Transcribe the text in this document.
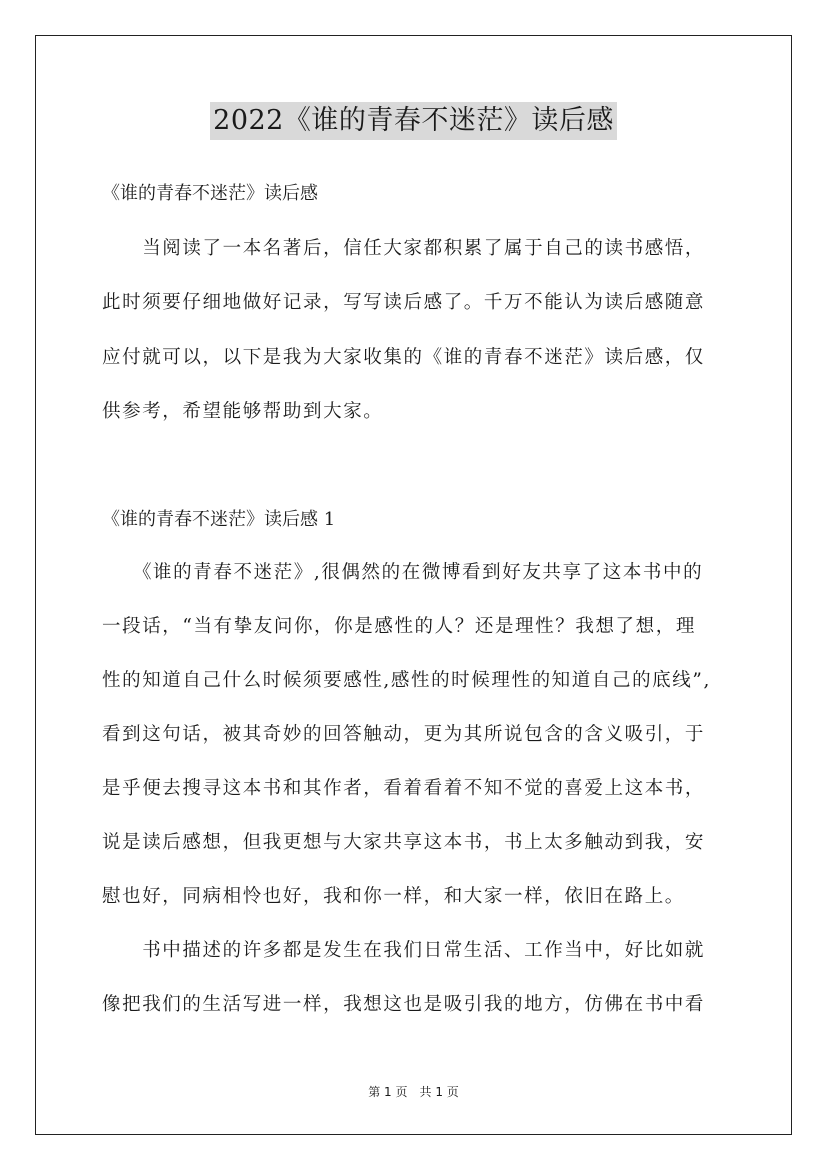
2022《谁的青春不迷茫》读后感
《谁的青春不迷茫》读后感
　　当阅读了一本名著后，信任大家都积累了属于自己的读书感悟，
此时须要仔细地做好记录，写写读后感了。千万不能认为读后感随意
应付就可以，以下是我为大家收集的《谁的青春不迷茫》读后感，仅
供参考，希望能够帮助到大家。
《谁的青春不迷茫》读后感 1
　　《谁的青春不迷茫》,很偶然的在微博看到好友共享了这本书中的
一段话，“当有挚友问你，你是感性的人？还是理性？我想了想，理
性的知道自己什么时候须要感性,感性的时候理性的知道自己的底线”,
看到这句话，被其奇妙的回答触动，更为其所说包含的含义吸引，于
是乎便去搜寻这本书和其作者，看着看着不知不觉的喜爱上这本书，
说是读后感想，但我更想与大家共享这本书，书上太多触动到我，安
慰也好，同病相怜也好，我和你一样，和大家一样，依旧在路上。
　　书中描述的许多都是发生在我们日常生活、工作当中，好比如就
像把我们的生活写进一样，我想这也是吸引我的地方，仿佛在书中看
第 1 页　共 1 页
